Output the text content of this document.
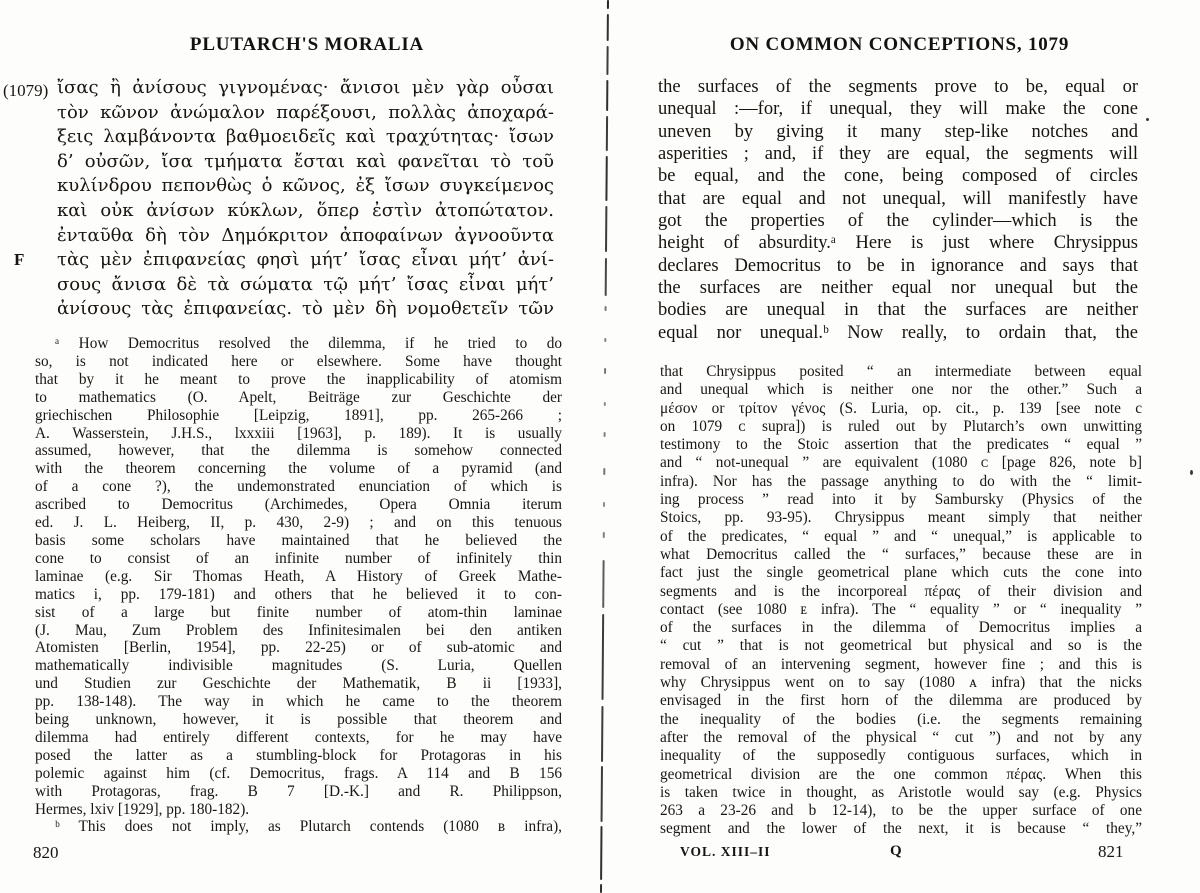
PLUTARCH'S MORALIA
(1079)
F
ἴσας ἢ ἀνίσους γιγνομένας· ἄνισοι μὲν γὰρ οὖσαι
τὸν κῶνον ἀνώμαλον παρέξουσι, πολλὰς ἀποχαρά-
ξεις λαμβάνοντα βαθμοειδεῖς καὶ τραχύτητας· ἴσων
δ’ οὐσῶν, ἴσα τμήματα ἔσται καὶ φανεῖται τὸ τοῦ
κυλίνδρου πεπονθὼς ὁ κῶνος, ἐξ ἴσων συγκείμενος
καὶ οὐκ ἀνίσων κύκλων, ὅπερ ἐστὶν ἀτοπώτατον.
ἐνταῦθα δὴ τὸν Δημόκριτον ἀποφαίνων ἀγνοοῦντα
τὰς μὲν ἐπιφανείας φησὶ μήτ’ ἴσας εἶναι μήτ’ ἀνί-
σους ἄνισα δὲ τὰ σώματα τῷ μήτ’ ἴσας εἶναι μήτ’
ἀνίσους τὰς ἐπιφανείας. τὸ μὲν δὴ νομοθετεῖν τῶν
ᵃ How Democritus resolved the dilemma, if he tried to do
so, is not indicated here or elsewhere. Some have thought
that by it he meant to prove the inapplicability of atomism
to mathematics (O. Apelt, Beiträge zur Geschichte der
griechischen Philosophie [Leipzig, 1891], pp. 265-266 ;
A. Wasserstein, J.H.S., lxxxiii [1963], p. 189). It is usually
assumed, however, that the dilemma is somehow connected
with the theorem concerning the volume of a pyramid (and
of a cone ?), the undemonstrated enunciation of which is
ascribed to Democritus (Archimedes, Opera Omnia iterum
ed. J. L. Heiberg, II, p. 430, 2-9) ; and on this tenuous
basis some scholars have maintained that he believed the
cone to consist of an infinite number of infinitely thin
laminae (e.g. Sir Thomas Heath, A History of Greek Mathe-
matics i, pp. 179-181) and others that he believed it to con-
sist of a large but finite number of atom-thin laminae
(J. Mau, Zum Problem des Infinitesimalen bei den antiken
Atomisten [Berlin, 1954], pp. 22-25) or of sub-atomic and
mathematically indivisible magnitudes (S. Luria, Quellen
und Studien zur Geschichte der Mathematik, B ii [1933],
pp. 138-148). The way in which he came to the theorem
being unknown, however, it is possible that theorem and
dilemma had entirely different contexts, for he may have
posed the latter as a stumbling-block for Protagoras in his
polemic against him (cf. Democritus, frags. A 114 and B 156
with Protagoras, frag. B 7 [D.-K.] and R. Philippson,
Hermes, lxiv [1929], pp. 180-182).
ᵇ This does not imply, as Plutarch contends (1080 ʙ infra),
820
ON COMMON CONCEPTIONS, 1079
the surfaces of the segments prove to be, equal or
unequal :—for, if unequal, they will make the cone
uneven by giving it many step-like notches and
asperities ; and, if they are equal, the segments will
be equal, and the cone, being composed of circles
that are equal and not unequal, will manifestly have
got the properties of the cylinder—which is the
height of absurdity.ᵃ Here is just where Chrysippus
declares Democritus to be in ignorance and says that
the surfaces are neither equal nor unequal but the
bodies are unequal in that the surfaces are neither
equal nor unequal.ᵇ Now really, to ordain that, the
that Chrysippus posited “ an intermediate between equal
and unequal which is neither one nor the other.” Such a
μέσον or τρίτον γένος (S. Luria, op. cit., p. 139 [see note c
on 1079 ᴄ supra]) is ruled out by Plutarch’s own unwitting
testimony to the Stoic assertion that the predicates “ equal ”
and “ not-unequal ” are equivalent (1080 ᴄ [page 826, note b]
infra). Nor has the passage anything to do with the “ limit-
ing process ” read into it by Sambursky (Physics of the
Stoics, pp. 93-95). Chrysippus meant simply that neither
of the predicates, “ equal ” and “ unequal,” is applicable to
what Democritus called the “ surfaces,” because these are in
fact just the single geometrical plane which cuts the cone into
segments and is the incorporeal πέρας of their division and
contact (see 1080 ᴇ infra). The “ equality ” or “ inequality ”
of the surfaces in the dilemma of Democritus implies a
“ cut ” that is not geometrical but physical and so is the
removal of an intervening segment, however fine ; and this is
why Chrysippus went on to say (1080 ᴀ infra) that the nicks
envisaged in the first horn of the dilemma are produced by
the inequality of the bodies (i.e. the segments remaining
after the removal of the physical “ cut ”) and not by any
inequality of the supposedly contiguous surfaces, which in
geometrical division are the one common πέρας. When this
is taken twice in thought, as Aristotle would say (e.g. Physics
263 a 23-26 and b 12-14), to be the upper surface of one
segment and the lower of the next, it is because “ they,”
VOL. XIII–II	Q	821
